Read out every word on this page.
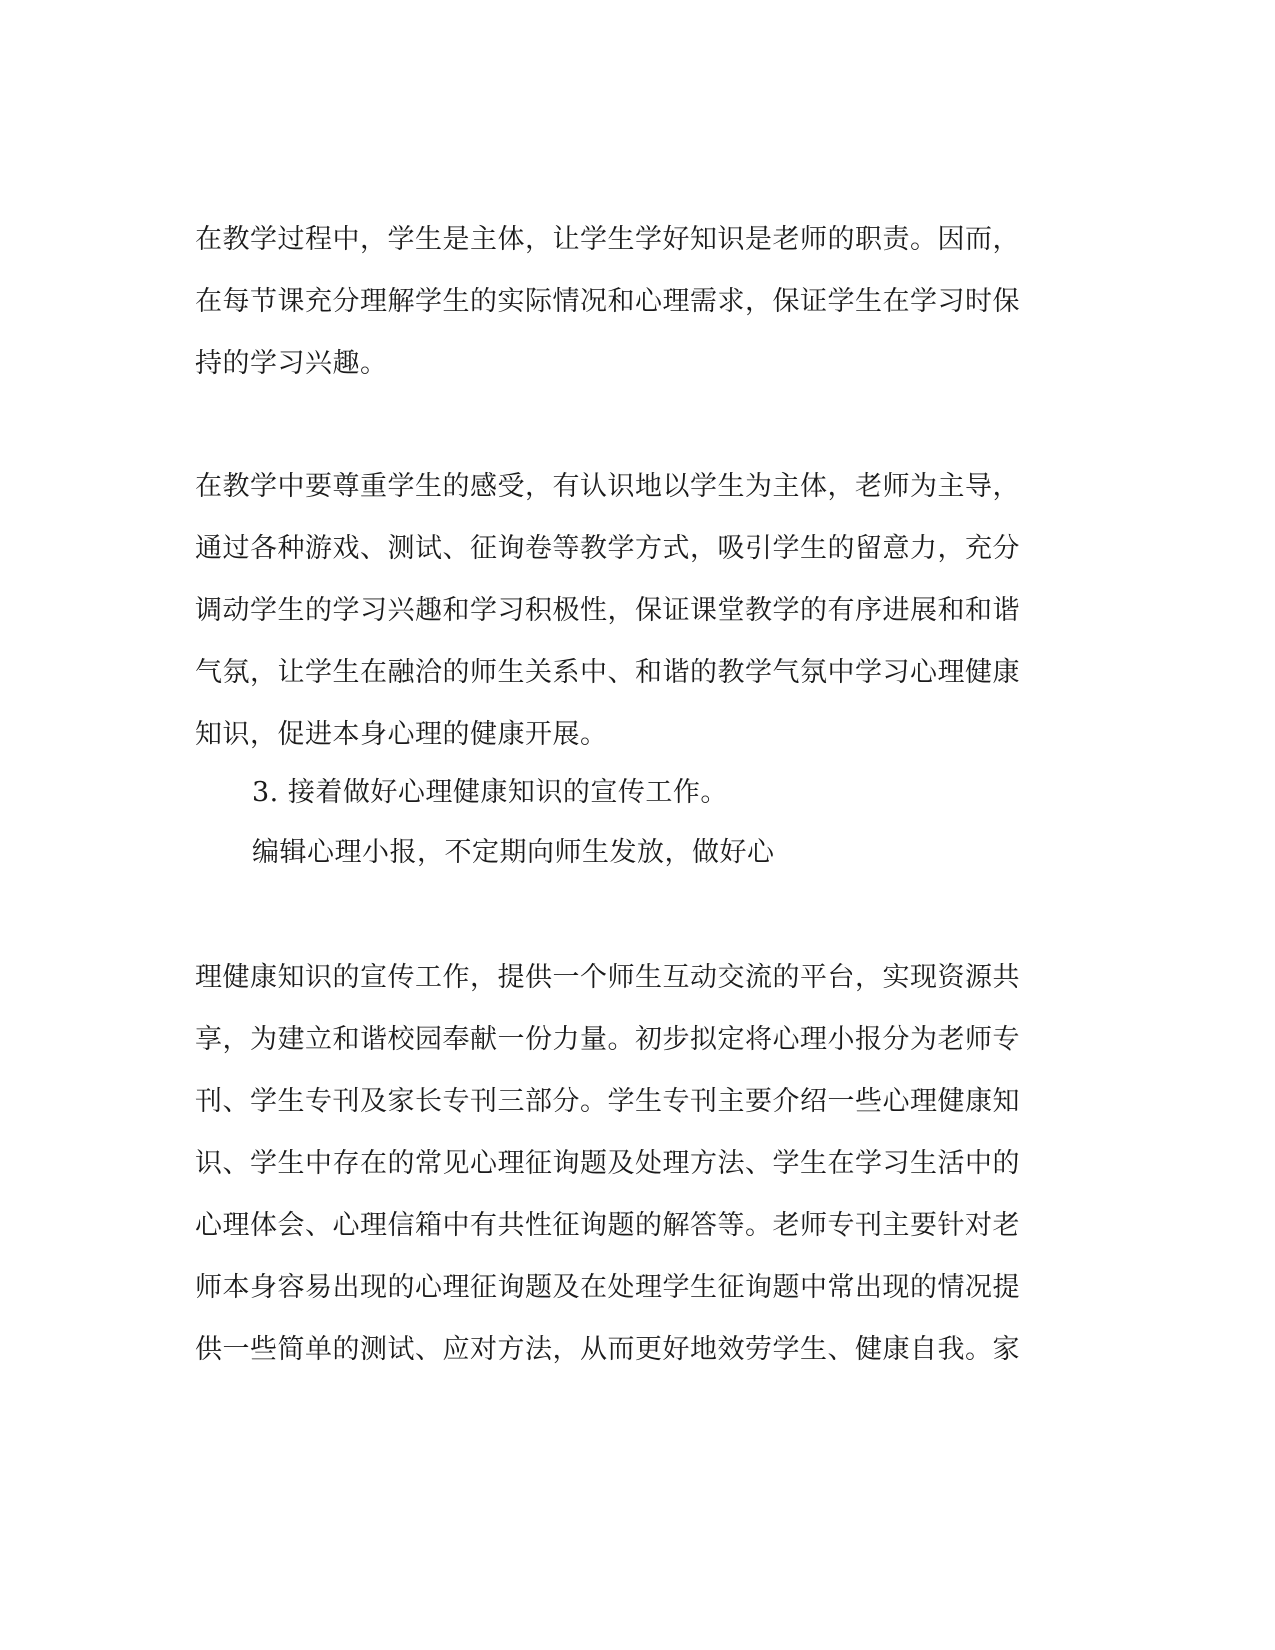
在教学过程中，学生是主体，让学生学好知识是老师的职责。因而，
在每节课充分理解学生的实际情况和心理需求，保证学生在学习时保
持的学习兴趣。
在教学中要尊重学生的感受，有认识地以学生为主体，老师为主导，
通过各种游戏、测试、征询卷等教学方式，吸引学生的留意力，充分
调动学生的学习兴趣和学习积极性，保证课堂教学的有序进展和和谐
气氛，让学生在融洽的师生关系中、和谐的教学气氛中学习心理健康
知识，促进本身心理的健康开展。
3. 接着做好心理健康知识的宣传工作。
编辑心理小报，不定期向师生发放，做好心
理健康知识的宣传工作，提供一个师生互动交流的平台，实现资源共
享，为建立和谐校园奉献一份力量。初步拟定将心理小报分为老师专
刊、学生专刊及家长专刊三部分。学生专刊主要介绍一些心理健康知
识、学生中存在的常见心理征询题及处理方法、学生在学习生活中的
心理体会、心理信箱中有共性征询题的解答等。老师专刊主要针对老
师本身容易出现的心理征询题及在处理学生征询题中常出现的情况提
供一些简单的测试、应对方法，从而更好地效劳学生、健康自我。家
